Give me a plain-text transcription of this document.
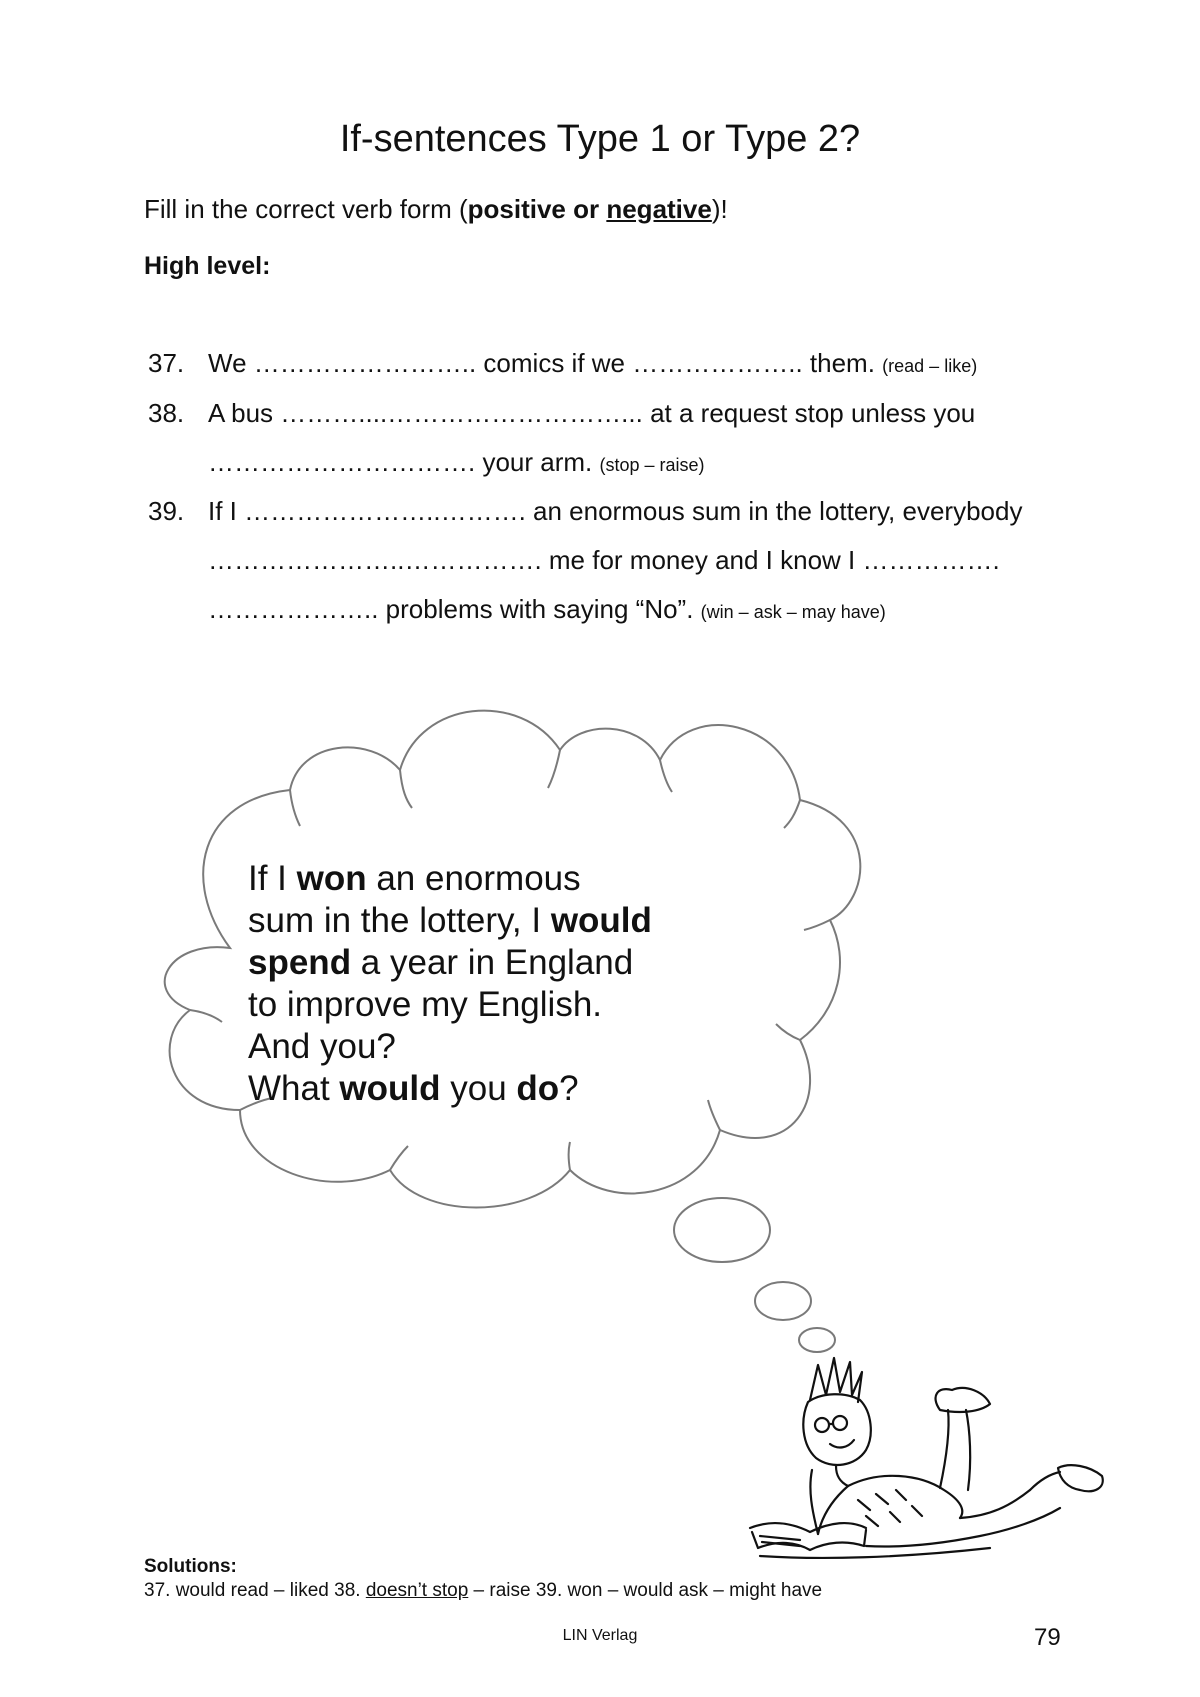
If-sentences Type 1 or Type 2?
Fill in the correct verb form (positive or negative)!
High level:
37. We …………………….. comics if we ……………….. them. (read – like)
38. A bus ………....………………………... at a request stop unless you
…………………………. your arm. (stop – raise)
39. If I …………………..………. an enormous sum in the lottery, everybody
…………………..……………. me for money and I know I …………….
……………….. problems with saying “No”. (win – ask – may have)
If I won an enormous
sum in the lottery, I would
spend a year in England
to improve my English.
And you?
What would you do?
Solutions:
37. would read – liked 38. doesn’t stop – raise 39. won – would ask – might have
LIN Verlag	79
